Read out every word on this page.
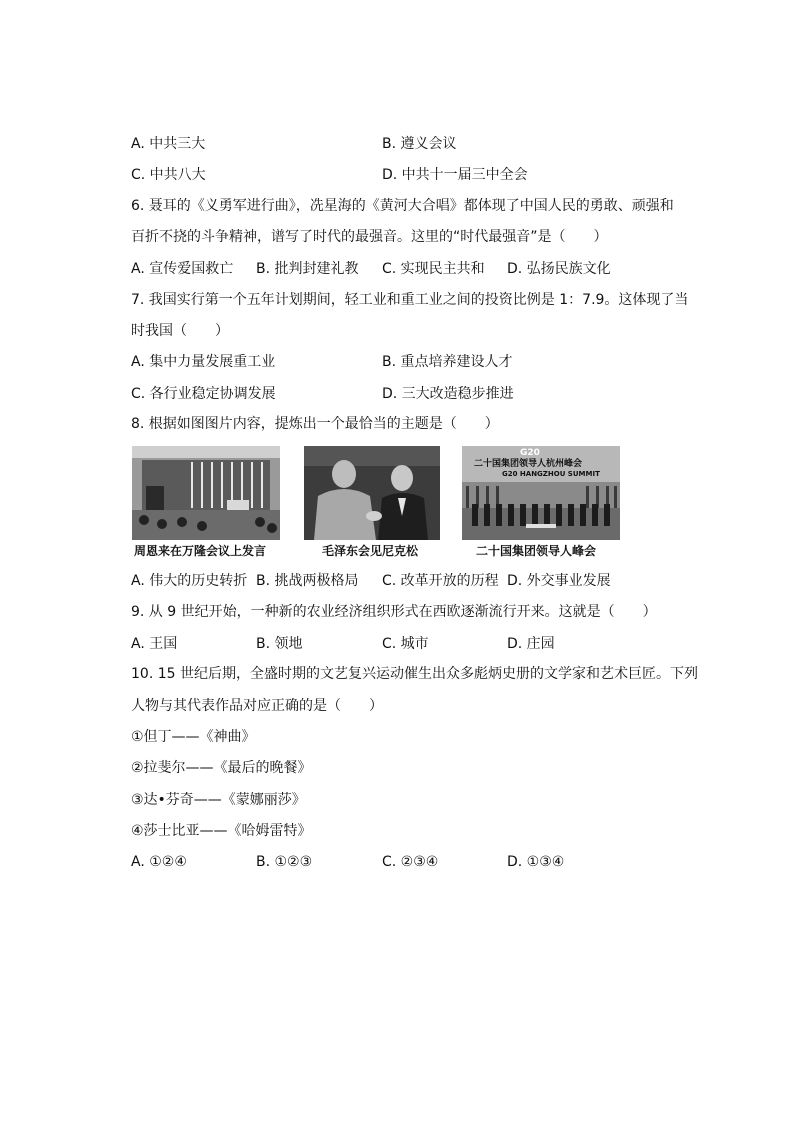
A. 中共三大	B. 遵义会议
C. 中共八大	D. 中共十一届三中全会
6. 聂耳的《义勇军进行曲》，冼星海的《黄河大合唱》都体现了中国人民的勇敢、顽强和
百折不挠的斗争精神，谱写了时代的最强音。这里的“时代最强音”是（　　）
A. 宣传爱国救亡 B. 批判封建礼教 C. 实现民主共和 D. 弘扬民族文化
7. 我国实行第一个五年计划期间，轻工业和重工业之间的投资比例是 1：7.9。这体现了当
时我国（　　）
A. 集中力量发展重工业	B. 重点培养建设人才
C. 各行业稳定协调发展	D. 三大改造稳步推进
8. 根据如图图片内容，提炼出一个最恰当的主题是（　　）
G20
二十国集团领导人杭州峰会
G20 HANGZHOU SUMMIT
周恩来在万隆会议上发言	毛泽东会见尼克松	二十国集团领导人峰会
A. 伟大的历史转折 B. 挑战两极格局 C. 改革开放的历程 D. 外交事业发展
9. 从 9 世纪开始，一种新的农业经济组织形式在西欧逐渐流行开来。这就是（　　）
A. 王国	B. 领地	C. 城市	D. 庄园
10. 15 世纪后期，全盛时期的文艺复兴运动催生出众多彪炳史册的文学家和艺术巨匠。下列
人物与其代表作品对应正确的是（　　）
①但丁——《神曲》
②拉斐尔——《最后的晚餐》
③达•芬奇——《蒙娜丽莎》
④莎士比亚——《哈姆雷特》
A. ①②④	B. ①②③	C. ②③④	D. ①③④
